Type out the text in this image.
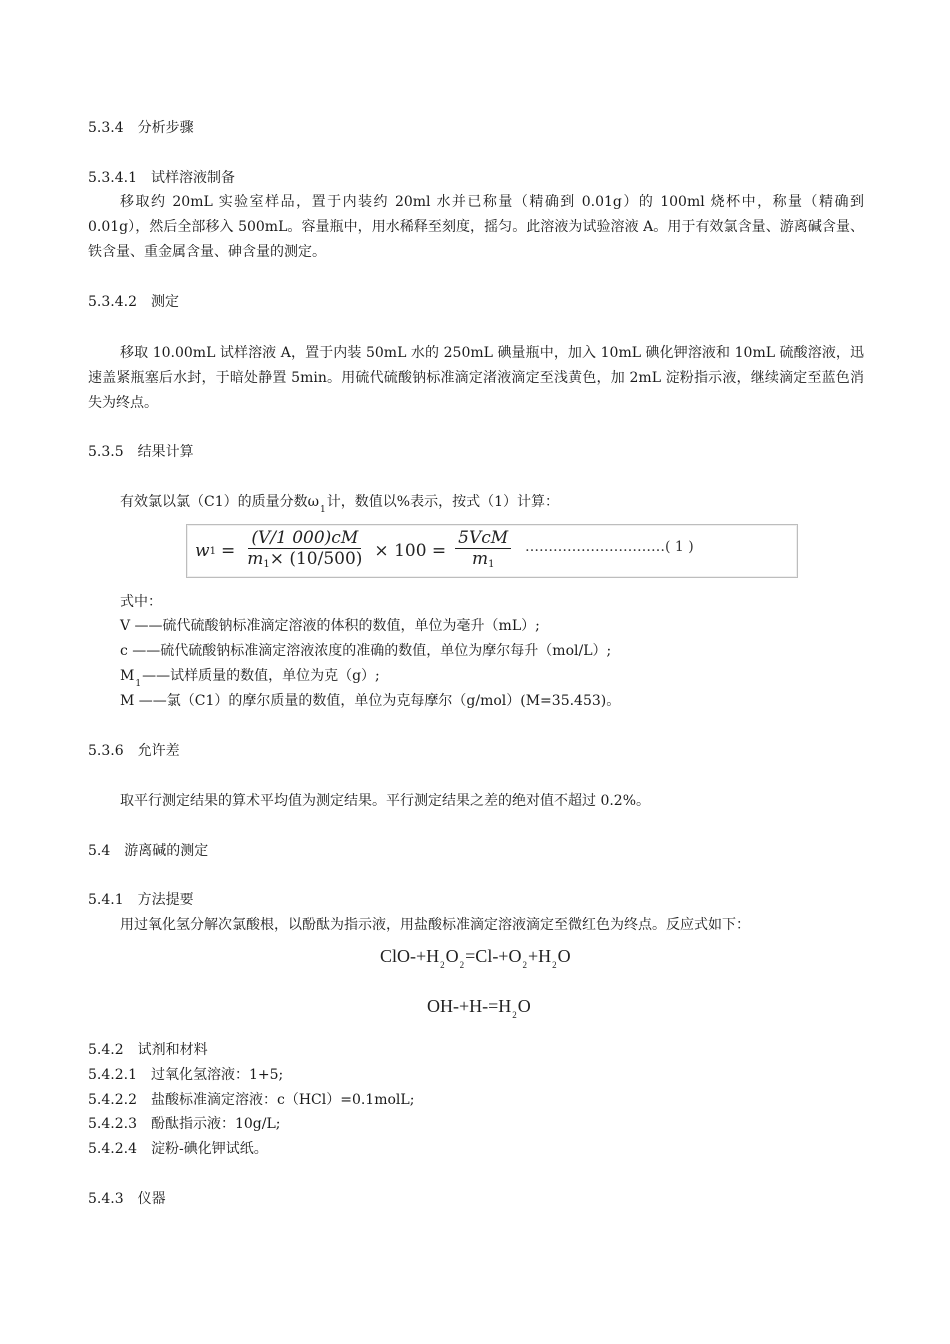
5.3.4　分析步骤
5.3.4.1　试样溶液制备

移取约 20mL 实验室样品，置于内装约 20ml 水并已称量（精确到 0.01g）的 100ml 烧杯中，称量（精确到 0.01g），然后全部移入 500mL。容量瓶中，用水稀释至刻度，摇匀。此溶液为试验溶液 A。用于有效氯含量、游离碱含量、铁含量、重金属含量、砷含量的测定。

5.3.4.2　测定

移取 10.00mL 试样溶液 A，置于内装 50mL 水的 250mL 碘量瓶中，加入 10mL 碘化钾溶液和 10mL 硫酸溶液，迅速盖紧瓶塞后水封，于暗处静置 5min。用硫代硫酸钠标准滴定渚液滴定至浅黄色，加 2mL 淀粉指示液，继续滴定至蓝色消失为终点。

5.3.5　结果计算
有效氯以氯（C1）的质量分数$\omega_1$计，数值以%表示，按式（1）计算：
w $1 = \frac{(V/1 000)cM}{m_1\times (10/500)} \times 100 = \frac{\text{5VcM}}{m_1}$ …………………………( 1 )
式中：
V ——硫代硫酸钠标准滴定溶液的体积的数值，单位为毫升（mL）;
c ——硫代硫酸钠标准滴定溶液浓度的准确的数值，单位为摩尔每升（mol/L）;
$M_1——$试样质量的数值，单位为克（g）;
M ——氯（C1）的摩尔质量的数值，单位为克每摩尔（g/mol）(M=35.453)。
5.3.6　允许差
取平行测定结果的算术平均值为测定结果。平行测定结果之差的绝对值不超过 0.2%。
5.4　游离碱的测定
5.4.1　方法提要
用过氧化氢分解次氯酸根，以酚酞为指示液，用盐酸标准滴定溶液滴定至微红色为终点。反应式如下：
ClO-$+H_2O_2=Cl-+O_2+H_2O$
$OH-+H-=H_2O$
5.4.2　试剂和材料
5.4.2.1　过氧化氢溶液：1+5;
5.4.2.2　盐酸标准滴定溶液：c（HCl）=0.1molL;
5.4.2.3　酚酞指示液：10g/L;
5.4.2.4　淀粉-碘化钾试纸。
5.4.3　仪器
